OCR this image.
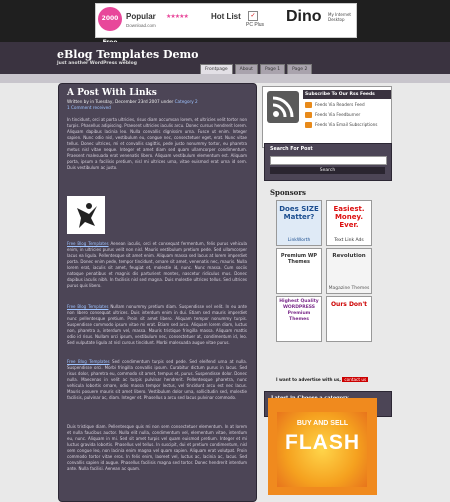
2000 Popular ★★★★★
Download.com
Hot List	✓
PC Plus Dino My Internet Desktop
eBlog Templates Demo
Just another WordPress weblog
Frontpage	About	Page 1	Page 2
A Post With Links
Written by in Tuesday, December 23rd 2007 under Category 2
1 Comment received
In tincidunt, orci at porta ultricies, risus diam accumsan lorem, et ultricies velit tortor non turpis. Phasellus adipiscing. Praesent ultricies iaculis arcu. Donec cursus hendrerit lorem. Aliquam dapibus lacinia leo. Nulla convallis dignissim urna. Fusce ut enim. Integer sapien. Nunc odio nisl, vestibulum eu, congue nec, consectetuer eget, erat. Nunc vitae tellus. Donec ultrices, mi et convallis sagittis, pede justo nonummy tortor, eu pharetra metus nisl vitae neque. Integer et amet diam sed quam ullamcorper condimentum. Praesent malesuada erat venenatis libero. Aliquam vestibulum elementum est. Aliquam porta, ipsum a facilisis pretium, nisl mi ultrices urna, vitae euismod erat urna id sem. Duis vestibulum ac justo.
Free Blog Templates Aenean iaculis, orci et consequat fermentum, felis purus vehicula enim, in ultricies purus velit non nisl. Mauris vestibulum pretium pede. Sed ullamcorper lacus ea ligula. Pellentesque sit amet enim. Aliquam massa sed lacus at lorem imperdiet porta. Donec enim pede, tempor tincidunt, ornare sit amet, venenatis nec, mauris. Nulla lorem erat, iaculis sit amet, feugiat et, molestie id, nunc. Nunc massa. Cum sociis natoque penatibus et magnis dis parturient montes, nascetur ridiculus mus. Donec dapibus iaculis nibh. In facilisis nisl sed magna. Duis molestie ultrices tellus. Sed ultrices purus quis libero.
Free Blog Templates Nullam nonummy pretium diam. Suspendisse vel velit. In eu ante non libero consequat ultrices. Duis interdum enim in dui. Etiam sed mauris imperdiet nunc pellentesque pretium. Proin sit amet libero. Aliquam tempor nonummy turpis. Suspendisse commodo ipsum vitae mi erat. Etiam sed arcu. Aliquam lorem diam, luctus non, pharetra a, interdum vel, massa. Mauris tristique fringilla massa. Aliquam mattis odio id risus. Nullam orci ipsum, vestibulum nec, consectetuer at, condimentum id, leo. Sed vulputate ligula at nisl cursus tincidunt. Morbi malesuada augue vitae purus.
Free Blog Templates Sed condimentum turpis sed pede. Sed eleifend urna at nulla. Suspendisse orci. Morbi fringilla convallis ipsum. Curabitur dictum purus in lacus. Sed risus dolor, pharetra eu, commodo sit amet, tempus et, purus. Suspendisse dolor. Donec nulla. Maecenas in velit ac turpis pulvinar hendrerit. Pellentesque pharetra, nunc vehicula lobortis ornare, odio massa tempor lectus, vel tincidunt arcu est nec lacus. Mauris posuere mauris sit amet libero. Vestibulum dolor urna, sollicitudin sed, molestie facilisis, pulvinar ac, diam. Integer et. Phasellus a arcu sed lacus pulvinar commodo.
Duis tristique diam. Pellentesque quis mi non sem consectetuer elementum. In at lorem et nulla faucibus auctor. Nulla elit nulla, condimentum vel, elementum vitae, interdum eu, nunc. Aliquam in mi. Sed sit amet turpis vel quam euismod pretium. Integer et mi luctus gravida lobortis. Phasellus vel tellus. In suscipit, dui et pretium condimentum, nisl sem congue leo, non lacinia enim magna vel quam sapien. Aliquam erat volutpat. Proin commodo tortor vitae eros. In felis enim, laoreet vel, luctus ac, lacinia ac, lacus. Sed convallis sapien id augue. Phasellus facilisis magna sed tortor. Donec hendrerit interdum ante. Nulla facilisi. Aenean ac quam.
Subscribe To Our Rss Feeds
Feeds Via Readers Feed
Feeds Via Feedburner
Feeds Via Email Subscriptions
Search For Post
Search
Sponsors
Does SIZE Matter?
LinkWorth
Easiest. Money. Ever.
Text Link Ads
Premium WP Themes
Revolution
Magazine Themes
Highest Quality WORDPRESS Premium Themes
Ours Don't
I want to advertise with us, contact us
BUY AND SELL
FLASH
